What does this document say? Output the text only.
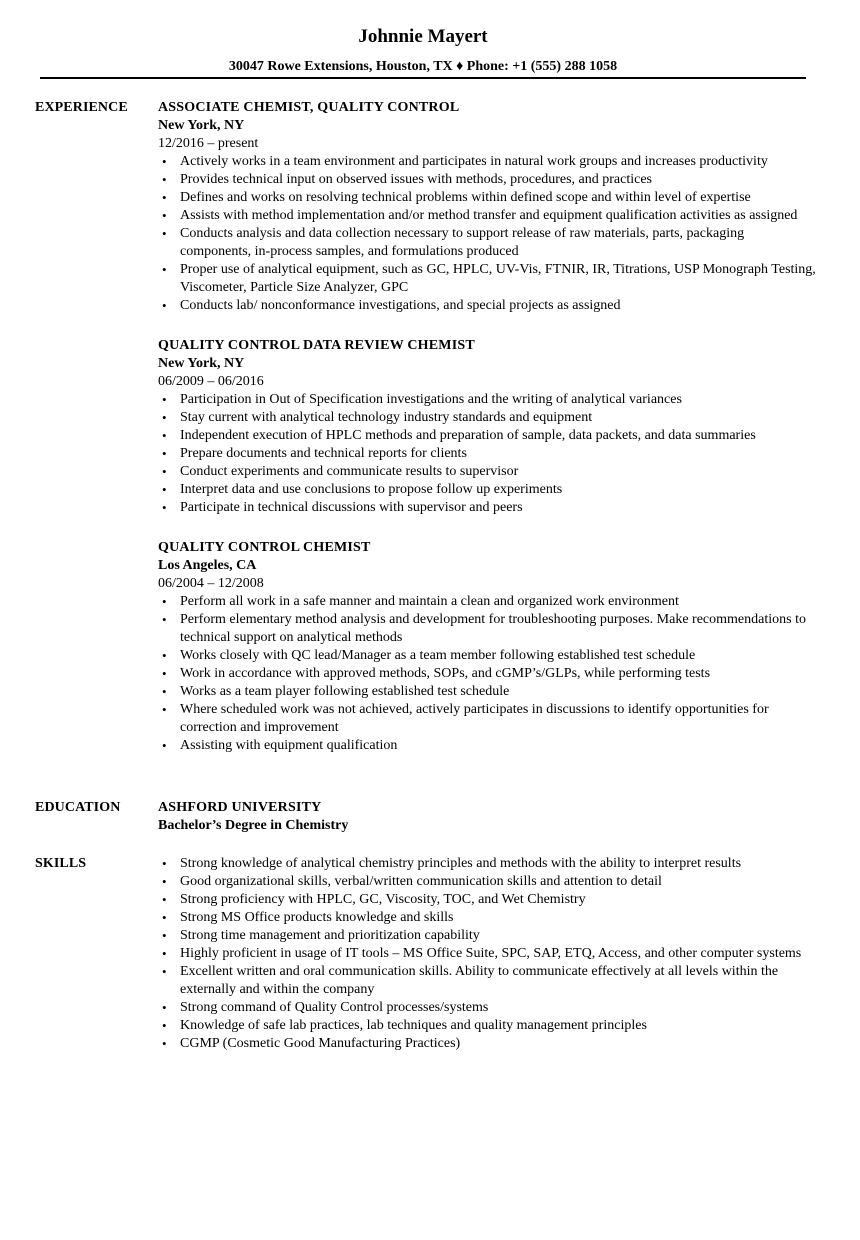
Johnnie Mayert
30047 Rowe Extensions, Houston, TX ♦ Phone: +1 (555) 288 1058
EXPERIENCE ASSOCIATE CHEMIST, QUALITY CONTROL
New York, NY
12/2016 – present
• Actively works in a team environment and participates in natural work groups and increases productivity
• Provides technical input on observed issues with methods, procedures, and practices
• Defines and works on resolving technical problems within defined scope and within level of expertise
• Assists with method implementation and/or method transfer and equipment qualification activities as assigned
• Conducts analysis and data collection necessary to support release of raw materials, parts, packaging components, in-process samples, and formulations produced
• Proper use of analytical equipment, such as GC, HPLC, UV-Vis, FTNIR, IR, Titrations, USP Monograph Testing, Viscometer, Particle Size Analyzer, GPC
• Conducts lab/ nonconformance investigations, and special projects as assigned
QUALITY CONTROL DATA REVIEW CHEMIST
New York, NY
06/2009 – 06/2016
• Participation in Out of Specification investigations and the writing of analytical variances
• Stay current with analytical technology industry standards and equipment
• Independent execution of HPLC methods and preparation of sample, data packets, and data summaries
• Prepare documents and technical reports for clients
• Conduct experiments and communicate results to supervisor
• Interpret data and use conclusions to propose follow up experiments
• Participate in technical discussions with supervisor and peers
QUALITY CONTROL CHEMIST
Los Angeles, CA
06/2004 – 12/2008
• Perform all work in a safe manner and maintain a clean and organized work environment
• Perform elementary method analysis and development for troubleshooting purposes. Make recommendations to technical support on analytical methods
• Works closely with QC lead/Manager as a team member following established test schedule
• Work in accordance with approved methods, SOPs, and cGMP’s/GLPs, while performing tests
• Works as a team player following established test schedule
• Where scheduled work was not achieved, actively participates in discussions to identify opportunities for correction and improvement
• Assisting with equipment qualification
EDUCATION	ASHFORD UNIVERSITY
Bachelor’s Degree in Chemistry
SKILLS
•	Strong knowledge of analytical chemistry principles and methods with the ability to interpret results
• Good organizational skills, verbal/written communication skills and attention to detail
• Strong proficiency with HPLC, GC, Viscosity, TOC, and Wet Chemistry
• Strong MS Office products knowledge and skills
• Strong time management and prioritization capability
• Highly proficient in usage of IT tools – MS Office Suite, SPC, SAP, ETQ, Access, and other computer systems
• Excellent written and oral communication skills. Ability to communicate effectively at all levels within the externally and within the company
• Strong command of Quality Control processes/systems
• Knowledge of safe lab practices, lab techniques and quality management principles
• CGMP (Cosmetic Good Manufacturing Practices)
